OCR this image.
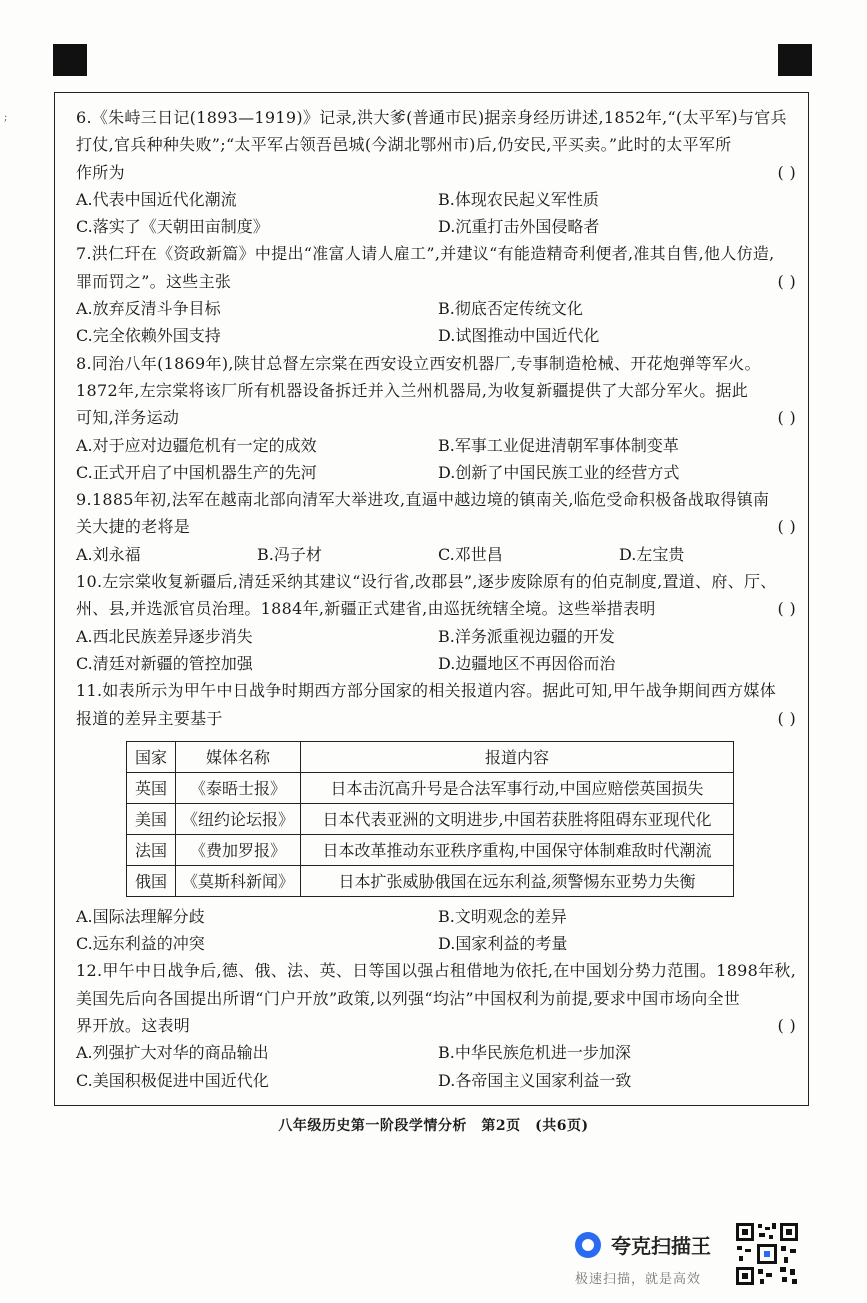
;	6.《朱峙三日记(1893—1919)》记录,洪大爹(普通市民)据亲身经历讲述,1852年,“(太平军)与官兵
打仗,官兵种种失败”;“太平军占领吾邑城(今湖北鄂州市)后,仍安民,平买卖。”此时的太平军所
作所为	( )
A.代表中国近代化潮流	B.体现农民起义军性质
C.落实了《天朝田亩制度》	D.沉重打击外国侵略者
7.洪仁玕在《资政新篇》中提出“准富人请人雇工”,并建议“有能造精奇利便者,准其自售,他人仿造,
罪而罚之”。这些主张	( )
A.放弃反清斗争目标	B.彻底否定传统文化
C.完全依赖外国支持	D.试图推动中国近代化
8.同治八年(1869年),陕甘总督左宗棠在西安设立西安机器厂,专事制造枪械、开花炮弹等军火。
1872年,左宗棠将该厂所有机器设备拆迁并入兰州机器局,为收复新疆提供了大部分军火。据此
可知,洋务运动	( )
A.对于应对边疆危机有一定的成效	B.军事工业促进清朝军事体制变革
C.正式开启了中国机器生产的先河	D.创新了中国民族工业的经营方式
9.1885年初,法军在越南北部向清军大举进攻,直逼中越边境的镇南关,临危受命积极备战取得镇南
关大捷的老将是	( )
A.刘永福	B.冯子材	C.邓世昌	D.左宝贵
10.左宗棠收复新疆后,清廷采纳其建议“设行省,改郡县”,逐步废除原有的伯克制度,置道、府、厅、
州、县,并选派官员治理。1884年,新疆正式建省,由巡抚统辖全境。这些举措表明	( )
A.西北民族差异逐步消失	B.洋务派重视边疆的开发
C.清廷对新疆的管控加强	D.边疆地区不再因俗而治
11.如表所示为甲午中日战争时期西方部分国家的相关报道内容。据此可知,甲午战争期间西方媒体
报道的差异主要基于	( )
国家	媒体名称	报道内容
英国	《泰晤士报》	日本击沉高升号是合法军事行动,中国应赔偿英国损失
美国	《纽约论坛报》	日本代表亚洲的文明进步,中国若获胜将阻碍东亚现代化
法国	《费加罗报》	日本改革推动东亚秩序重构,中国保守体制难敌时代潮流
俄国	《莫斯科新闻》	日本扩张威胁俄国在远东利益,须警惕东亚势力失衡
A.国际法理解分歧	B.文明观念的差异
C.远东利益的冲突	D.国家利益的考量
12.甲午中日战争后,德、俄、法、英、日等国以强占租借地为依托,在中国划分势力范围。1898年秋,
美国先后向各国提出所谓“门户开放”政策,以列强“均沾”中国权利为前提,要求中国市场向全世
界开放。这表明	( )
A.列强扩大对华的商品输出	B.中华民族危机进一步加深
C.美国积极促进中国近代化	D.各帝国主义国家利益一致
八年级历史第一阶段学情分析　第2页　(共6页)
夸克扫描王
极速扫描，就是高效
